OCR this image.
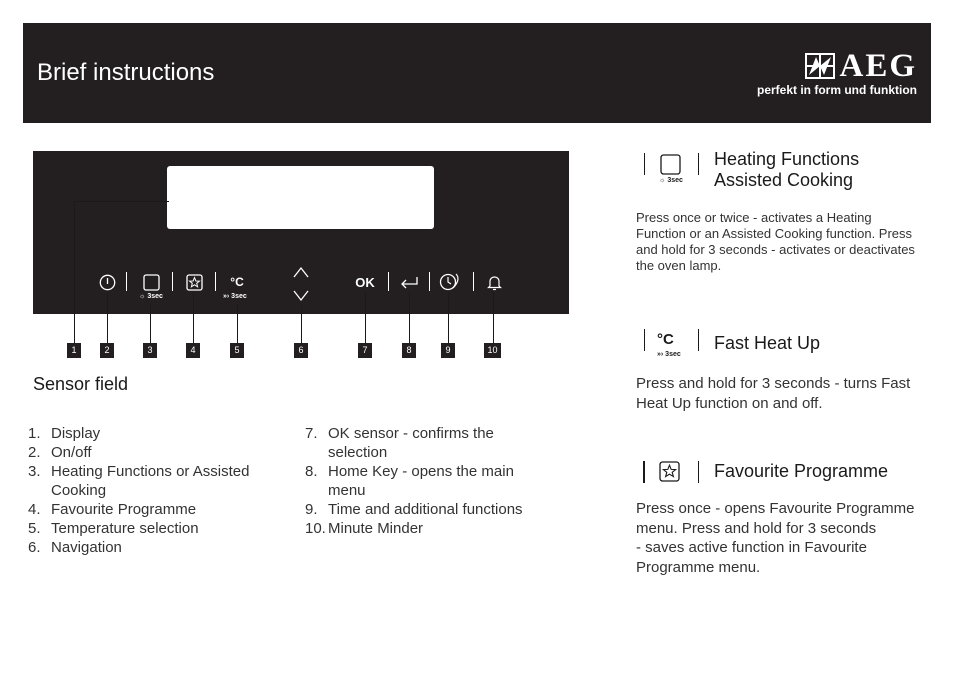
Brief instructions	AEG
perfekt in form und funktion
☼ 3sec
°C
»› 3sec
OK
1	2	3	4	5	6	7	8	9	10
Sensor field
1. Display
2. On/off
3. Heating Functions or Assisted Cooking
4. Favourite Programme
5. Temperature selection
6. Navigation
7. OK sensor - confirms the selection
8. Home Key - opens the main menu
9. Time and additional functions
10. Minute Minder
☼ 3sec
Heating Functions
Assisted Cooking
Press once or twice - activates a Heating Function or an Assisted Cooking function. Press and hold for 3 seconds - activates or deactivates the oven lamp.
°C
»› 3sec
Fast Heat Up
Press and hold for 3 seconds - turns Fast Heat Up function on and off.
Favourite Programme
Press once - opens Favourite Programme menu. Press and hold for 3 seconds
- saves active function in Favourite Programme menu.
